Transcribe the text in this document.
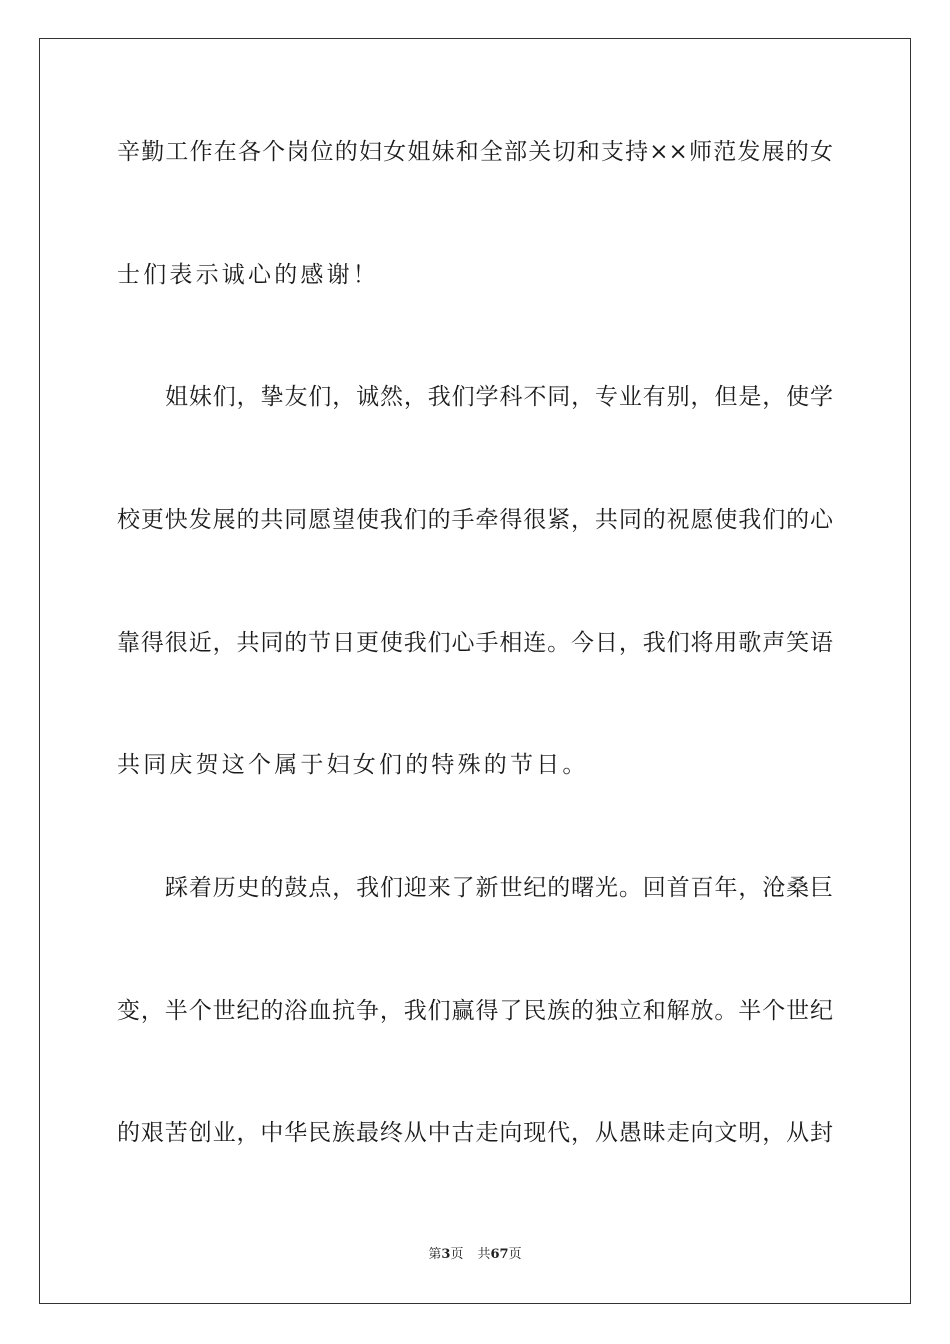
辛勤工作在各个岗位的妇女姐妹和全部关切和支持××师范发展的女
士们表示诚心的感谢！
姐妹们，挚友们，诚然，我们学科不同，专业有别，但是，使学
校更快发展的共同愿望使我们的手牵得很紧，共同的祝愿使我们的心
靠得很近，共同的节日更使我们心手相连。今日，我们将用歌声笑语
共同庆贺这个属于妇女们的特殊的节日。
踩着历史的鼓点，我们迎来了新世纪的曙光。回首百年，沧桑巨
变，半个世纪的浴血抗争，我们赢得了民族的独立和解放。半个世纪
的艰苦创业，中华民族最终从中古走向现代，从愚昧走向文明，从封
第3页 共67页
